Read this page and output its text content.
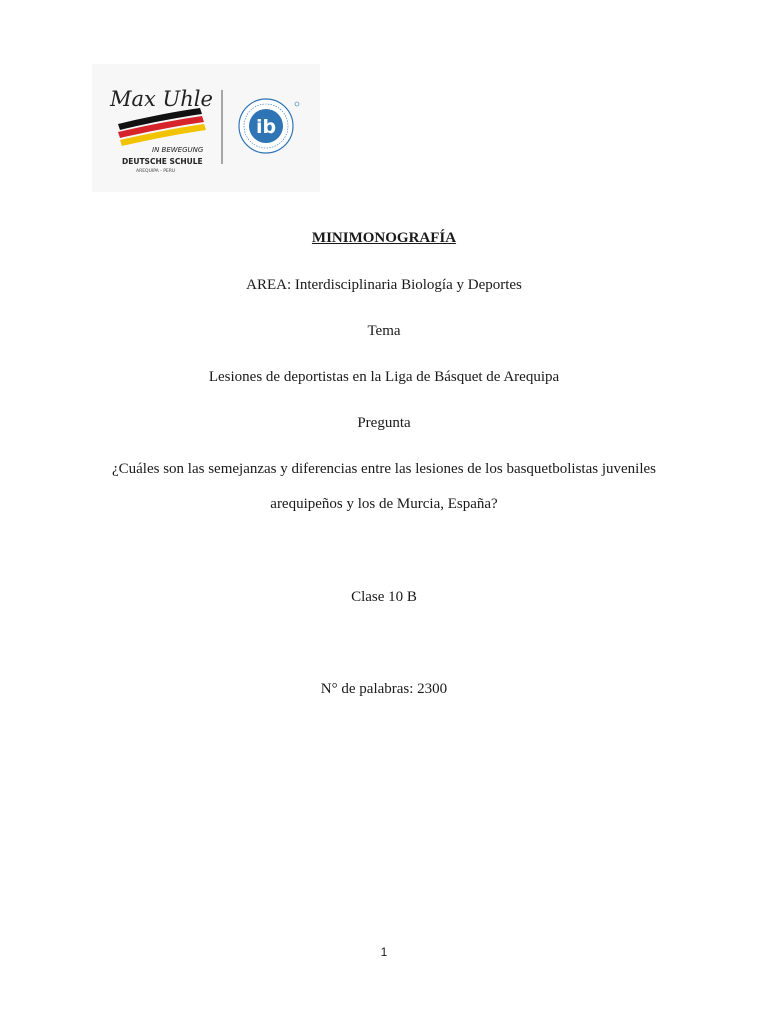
Max Uhle
IN BEWEGUNG
DEUTSCHE SCHULE
AREQUIPA - PERU
ib
MINIMONOGRAFÍA
AREA: Interdisciplinaria Biología y Deportes
Tema
Lesiones de deportistas en la Liga de Básquet de Arequipa
Pregunta
¿Cuáles son las semejanzas y diferencias entre las lesiones de los basquetbolistas juveniles
arequipeños y los de Murcia, España?
Clase 10 B
N° de palabras: 2300
1
